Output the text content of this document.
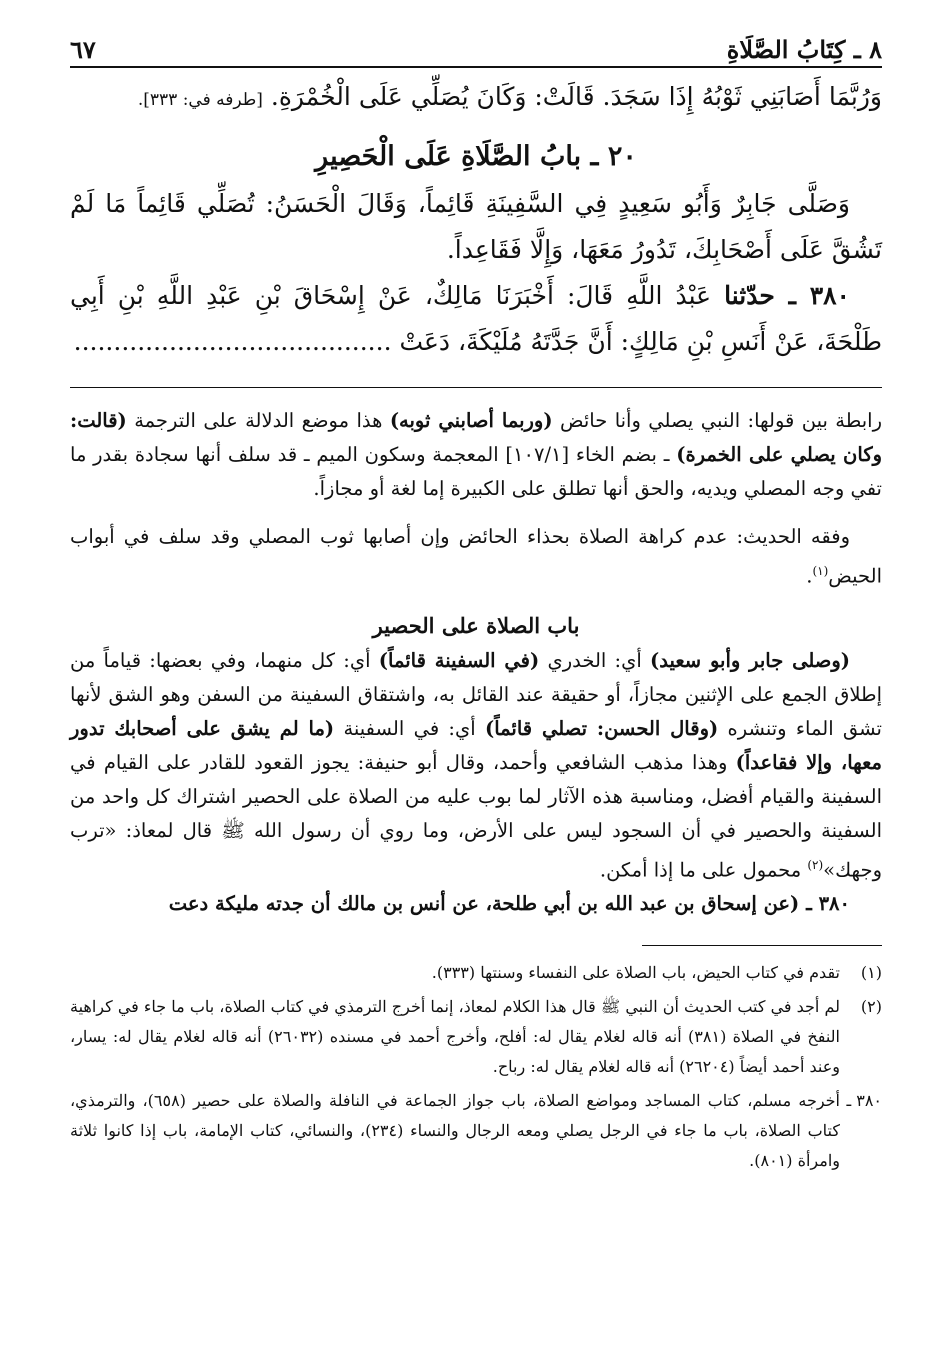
٨ ـ كِتَابُ الصَّلَاةِ
٦٧

وَرُبَّمَا أَصَابَنِي ثَوْبُهُ إِذَا سَجَدَ. قَالَتْ: وَكَانَ يُصَلِّي عَلَى الْخُمْرَةِ. [طرفه في: ٣٣٣].

٢٠ ـ بابُ الصَّلَاةِ عَلَى الْحَصِيرِ

وَصَلَّى جَابِرٌ وَأَبُو سَعِيدٍ فِي السَّفِينَةِ قَائِماً، وَقَالَ الْحَسَنُ: تُصَلِّي قَائِماً مَا لَمْ تَشُقَّ عَلَى أَصْحَابِكَ، تَدُورُ مَعَهَا، وَإِلَّا فَقَاعِداً.

٣٨٠ ـ حدّثنا عَبْدُ اللَّهِ قَالَ: أَخْبَرَنَا مَالِكٌ، عَنْ إِسْحَاقَ بْنِ عَبْدِ اللَّهِ بْنِ أَبِي طَلْحَةَ، عَنْ أَنَسِ بْنِ مَالِكٍ: أَنَّ جَدَّتَهُ مُلَيْكَةَ، دَعَتْ ........................................

رابطة بين قولها: النبي يصلي وأنا حائض (وربما أصابني ثوبه) هذا موضع الدلالة على الترجمة (قالت: وكان يصلي على الخمرة) ـ بضم الخاء [١٠٧/١] المعجمة وسكون الميم ـ قد سلف أنها سجادة بقدر ما تفي وجه المصلي ويديه، والحق أنها تطلق على الكبيرة إما لغة أو مجازاً.

وفقه الحديث: عدم كراهة الصلاة بحذاء الحائض وإن أصابها ثوب المصلي وقد سلف في أبواب الحيض$^{(١)}$.

باب الصلاة على الحصير

(وصلى جابر وأبو سعيد) أي: الخدري (في السفينة قائماً) أي: كل منهما، وفي بعضها: قياماً من إطلاق الجمع على الإثنين مجازاً، أو حقيقة عند القائل به، واشتقاق السفينة من السفن وهو الشق لأنها تشق الماء وتنشره (وقال الحسن: تصلي قائماً) أي: في السفينة (ما لم يشق على أصحابك تدور معها، وإلا فقاعداً) وهذا مذهب الشافعي وأحمد، وقال أبو حنيفة: يجوز القعود للقادر على القيام في السفينة والقيام أفضل، ومناسبة هذه الآثار لما بوب عليه من الصلاة على الحصير اشتراك كل واحد من السفينة والحصير في أن السجود ليس على الأرض، وما روي أن رسول الله ﷺ قال لمعاذ: «ترب وجهك»$^{(٢)}$ محمول على ما إذا أمكن.

٣٨٠ ـ (عن إسحاق بن عبد الله بن أبي طلحة، عن أنس بن مالك أن جدته مليكة دعت

(١)
تقدم في كتاب الحيض، باب الصلاة على النفساء وسنتها (٣٣٣).
(٢)
لم أجد في كتب الحديث أن النبي ﷺ قال هذا الكلام لمعاذ، إنما أخرج الترمذي في كتاب الصلاة، باب ما جاء في كراهية النفخ في الصلاة (٣٨١) أنه قاله لغلام يقال له: أفلح، وأخرج أحمد في مسنده (٢٦٠٣٢) أنه قاله لغلام يقال له: يسار، وعند أحمد أيضاً (٢٦٢٠٤) أنه قاله لغلام يقال له: رباح.
٣٨٠ ـ
أخرجه مسلم، كتاب المساجد ومواضع الصلاة، باب جواز الجماعة في النافلة والصلاة على حصير (٦٥٨)، والترمذي، كتاب الصلاة، باب ما جاء في الرجل يصلي ومعه الرجال والنساء (٢٣٤)، والنسائي، كتاب الإمامة، باب إذا كانوا ثلاثة وامرأة (٨٠١).
